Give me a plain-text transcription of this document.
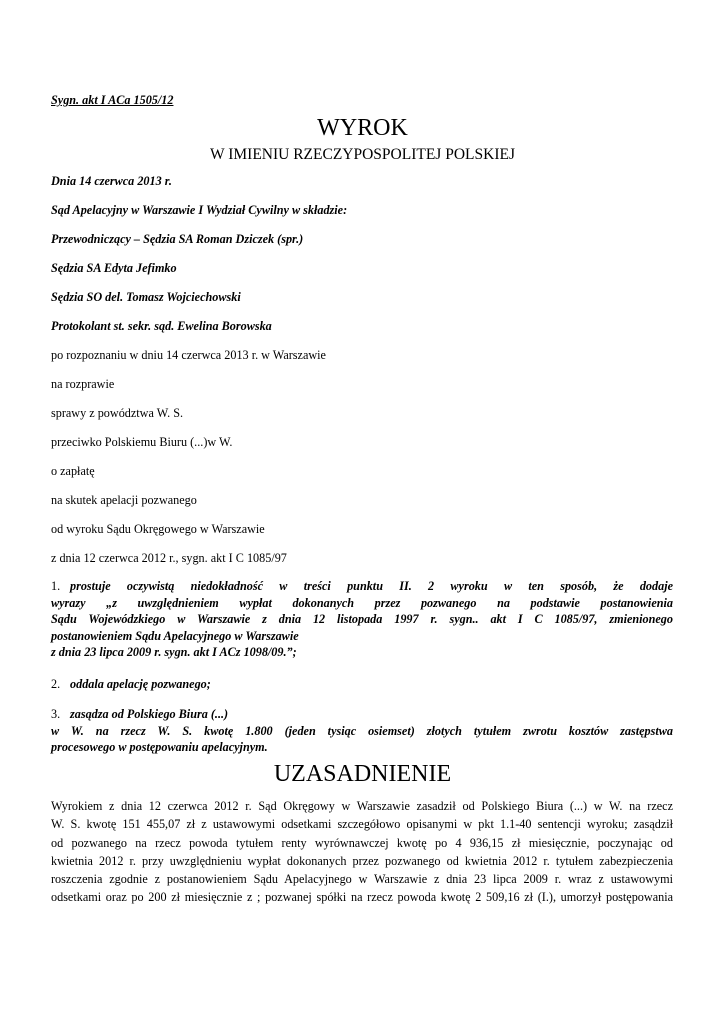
Sygn. akt I ACa 1505/12
WYROK
W IMIENIU RZECZYPOSPOLITEJ POLSKIEJ
Dnia 14 czerwca 2013 r.
Sąd Apelacyjny w Warszawie I Wydział Cywilny w składzie:
Przewodniczący – Sędzia SA Roman Dziczek (spr.)
Sędzia SA Edyta Jefimko
Sędzia SO del. Tomasz Wojciechowski
Protokolant st. sekr. sąd. Ewelina Borowska
po rozpoznaniu w dniu 14 czerwca 2013 r. w Warszawie
na rozprawie
sprawy z powództwa W. S.
przeciwko Polskiemu Biuru (...)w W.
o zapłatę
na skutek apelacji pozwanego
od wyroku Sądu Okręgowego w Warszawie
z dnia 12 czerwca 2012 r., sygn. akt I C 1085/97
1. prostuje oczywistą niedokładność w treści punktu II. 2 wyroku w ten sposób, że dodaje
wyrazy „z uwzględnieniem wypłat dokonanych przez pozwanego na podstawie postanowienia
Sądu Wojewódzkiego w Warszawie z dnia 12 listopada 1997 r. sygn.. akt I C 1085/97, zmienionego
postanowieniem Sądu Apelacyjnego w Warszawie
z dnia 23 lipca 2009 r. sygn. akt I ACz 1098/09.”;
2. oddala apelację pozwanego;
3. zasądza od Polskiego Biura (...)
w W. na rzecz W. S. kwotę 1.800 (jeden tysiąc osiemset) złotych tytułem zwrotu kosztów zastępstwa
procesowego w postępowaniu apelacyjnym.
UZASADNIENIE
Wyrokiem z dnia 12 czerwca 2012 r. Sąd Okręgowy w Warszawie zasadził od Polskiego Biura (...) w W. na rzecz
W. S. kwotę 151 455,07 zł z ustawowymi odsetkami szczegółowo opisanymi w pkt 1.1-40 sentencji wyroku; zasądził
od pozwanego na rzecz powoda tytułem renty wyrównawczej kwotę po 4 936,15 zł miesięcznie, poczynając od
kwietnia 2012 r. przy uwzględnieniu wypłat dokonanych przez pozwanego od kwietnia 2012 r. tytułem zabezpieczenia
roszczenia zgodnie z postanowieniem Sądu Apelacyjnego w Warszawie z dnia 23 lipca 2009 r. wraz z ustawowymi
odsetkami oraz po 200 zł miesięcznie z ; pozwanej spółki na rzecz powoda kwotę 2 509,16 zł (I.), umorzył postępowania
